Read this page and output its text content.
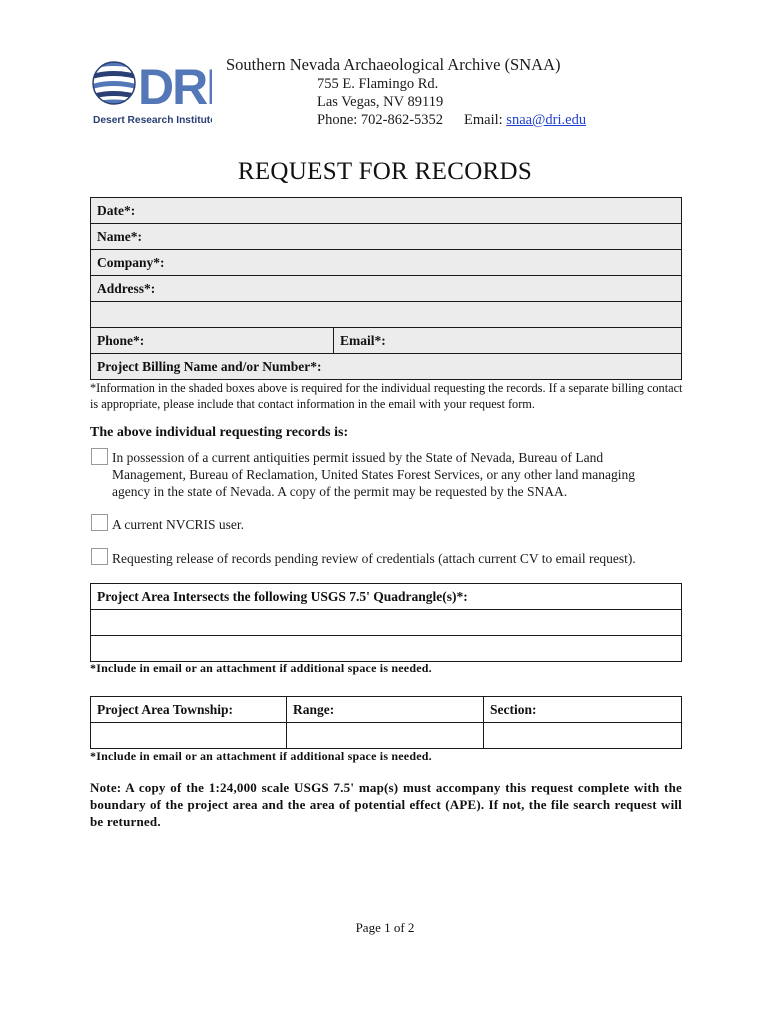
DRI
Desert Research Institute
Southern Nevada Archaeological Archive (SNAA)
755 E. Flamingo Rd.
Las Vegas, NV 89119
Phone: 702-862-5352 Email: snaa@dri.edu
REQUEST FOR RECORDS
Date*:
Name*:
Company*:
Address*:

Phone*:	Email*:
Project Billing Name and/or Number*:
*Information in the shaded boxes above is required for the individual requesting the records. If a separate billing contact is appropriate, please include that contact information in the email with your request form.
The above individual requesting records is:
In possession of a current antiquities permit issued by the State of Nevada, Bureau of Land Management, Bureau of Reclamation, United States Forest Services, or any other land managing agency in the state of Nevada. A copy of the permit may be requested by the SNAA.
A current NVCRIS user.
Requesting release of records pending review of credentials (attach current CV to email request).
Project Area Intersects the following USGS 7.5' Quadrangle(s)*:

*Include in email or an attachment if additional space is needed.
Project Area Township:	Range:	Section:

*Include in email or an attachment if additional space is needed.
Note: A copy of the 1:24,000 scale USGS 7.5' map(s) must accompany this request complete with the boundary of the project area and the area of potential effect (APE). If not, the file search request will be returned.
Page 1 of 2
